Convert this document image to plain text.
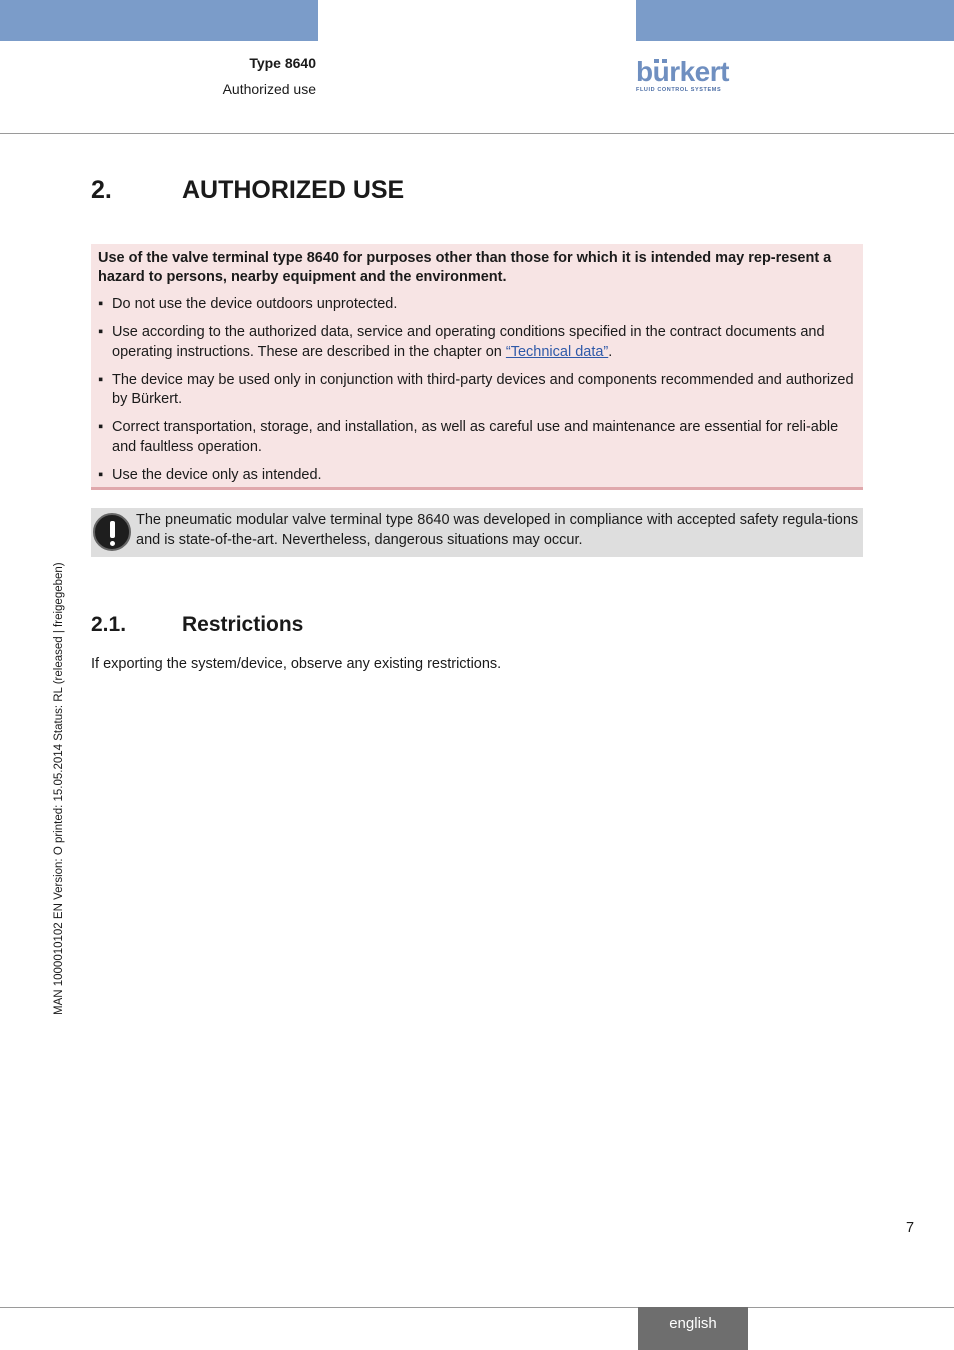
Type 8640
Authorized use
burkert
FLUID CONTROL SYSTEMS
2.	AUTHORIZED USE

Use of the valve terminal type 8640 for purposes other than those for which it is intended may rep-resent a hazard to persons, nearby equipment and the environment.

▪ Do not use the device outdoors unprotected.
▪ Use according to the authorized data, service and operating conditions specified in the contract documents and operating instructions. These are described in the chapter on “Technical data”.
▪ The device may be used only in conjunction with third-party devices and components recommended and authorized by Bürkert.
▪ Correct transportation, storage, and installation, as well as careful use and maintenance are essential for reli-able and faultless operation.
▪ Use the device only as intended.

The pneumatic modular valve terminal type 8640 was developed in compliance with accepted safety regula-tions and is state-of-the-art. Nevertheless, dangerous situations may occur.

2.1.	Restrictions

If exporting the system/device, observe any existing restrictions.

MAN 1000010102 EN Version: O printed: 15.05.2014 Status: RL (released | freigegeben)
7
english
